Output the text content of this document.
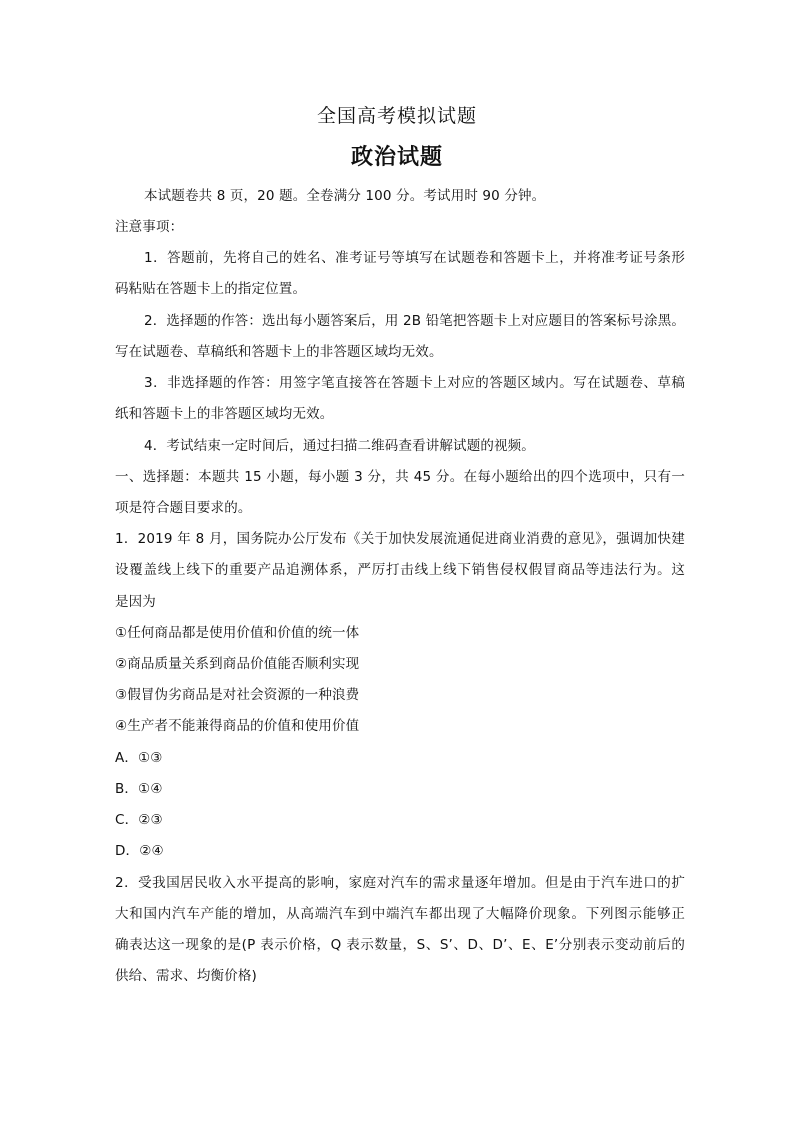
全国高考模拟试题
政治试题
本试题卷共 8 页，20 题。全卷满分 100 分。考试用时 90 分钟。
注意事项：
1．答题前，先将自己的姓名、准考证号等填写在试题卷和答题卡上，并将准考证号条形
码粘贴在答题卡上的指定位置。
2．选择题的作答：选出每小题答案后，用 2B 铅笔把答题卡上对应题目的答案标号涂黑。
写在试题卷、草稿纸和答题卡上的非答题区域均无效。
3．非选择题的作答：用签字笔直接答在答题卡上对应的答题区域内。写在试题卷、草稿
纸和答题卡上的非答题区域均无效。
4．考试结束一定时间后，通过扫描二维码查看讲解试题的视频。
一、选择题：本题共 15 小题，每小题 3 分，共 45 分。在每小题给出的四个选项中，只有一
项是符合题目要求的。
1．2019 年 8 月，国务院办公厅发布《关于加快发展流通促进商业消费的意见》，强调加快建
设覆盖线上线下的重要产品追溯体系，严厉打击线上线下销售侵权假冒商品等违法行为。这
是因为
①任何商品都是使用价值和价值的统一体
②商品质量关系到商品价值能否顺利实现
③假冒伪劣商品是对社会资源的一种浪费
④生产者不能兼得商品的价值和使用价值
A．①③
B．①④
C．②③
D．②④
2．受我国居民收入水平提高的影响，家庭对汽车的需求量逐年增加。但是由于汽车进口的扩
大和国内汽车产能的增加，从高端汽车到中端汽车都出现了大幅降价现象。下列图示能够正
确表达这一现象的是(P 表示价格，Q 表示数量，S、S’、D、D’、E、E’分别表示变动前后的
供给、需求、均衡价格)
